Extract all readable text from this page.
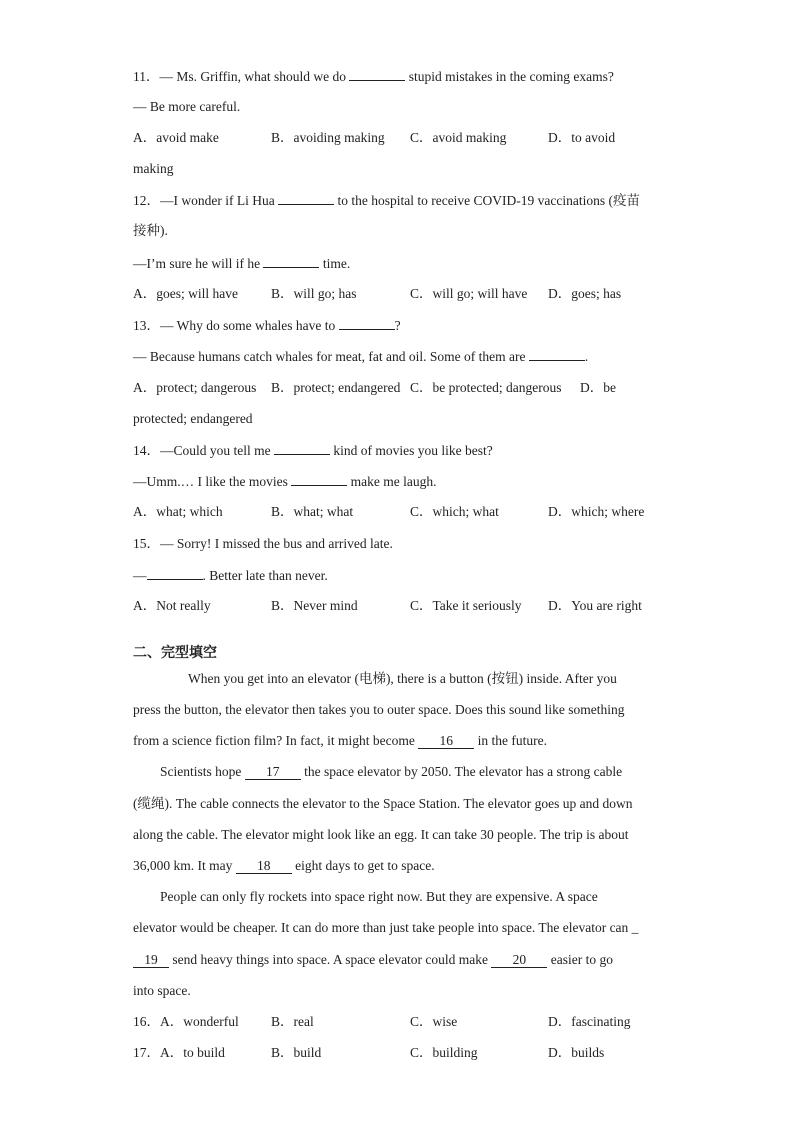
11．— Ms. Griffin, what should we do	stupid mistakes in the coming exams?
— Be more careful.
A．avoid make	B．avoiding making C．avoid making	D．to avoid
making
12．—I wonder if Li Hua	to the hospital to receive COVID-19 vaccinations (疫苗
接种).
—I’m sure he will if he	time.
A．goes; will have B．will go; has	C．will go; will have D．goes; has
13．— Why do some whales have to	?
— Because humans catch whales for meat, fat and oil. Some of them are	.
A．protect; dangerous B．protect; endangered C．be protected; dangerous D．be
protected; endangered
14．—Could you tell me	kind of movies you like best?
—Umm.… I like the movies	make me laugh.
A．what; which	B．what; what	C．which; what	D．which; where
15．— Sorry! I missed the bus and arrived late.
—	. Better late than never.
A．Not really	B．Never mind	C．Take it seriously D．You are right
二、完型填空
When you get into an elevator (电梯), there is a button (按钮) inside. After you
press the button, the elevator then takes you to outer space. Does this sound like something
from a science fiction film? In fact, it might become 16 in the future.
Scientists hope 17 the space elevator by 2050. The elevator has a strong cable
(缆绳). The cable connects the elevator to the Space Station. The elevator goes up and down
along the cable. The elevator might look like an egg. It can take 30 people. The trip is about
36,000 km. It may 18 eight days to get to space.
People can only fly rockets into space right now. But they are expensive. A space
elevator would be cheaper. It can do more than just take people into space. The elevator can _
19 send heavy things into space. A space elevator could make 20 easier to go
into space.
16．A．wonderful B．real	C．wise	D．fascinating
17．A．to build	B．build	C．building	D．builds
